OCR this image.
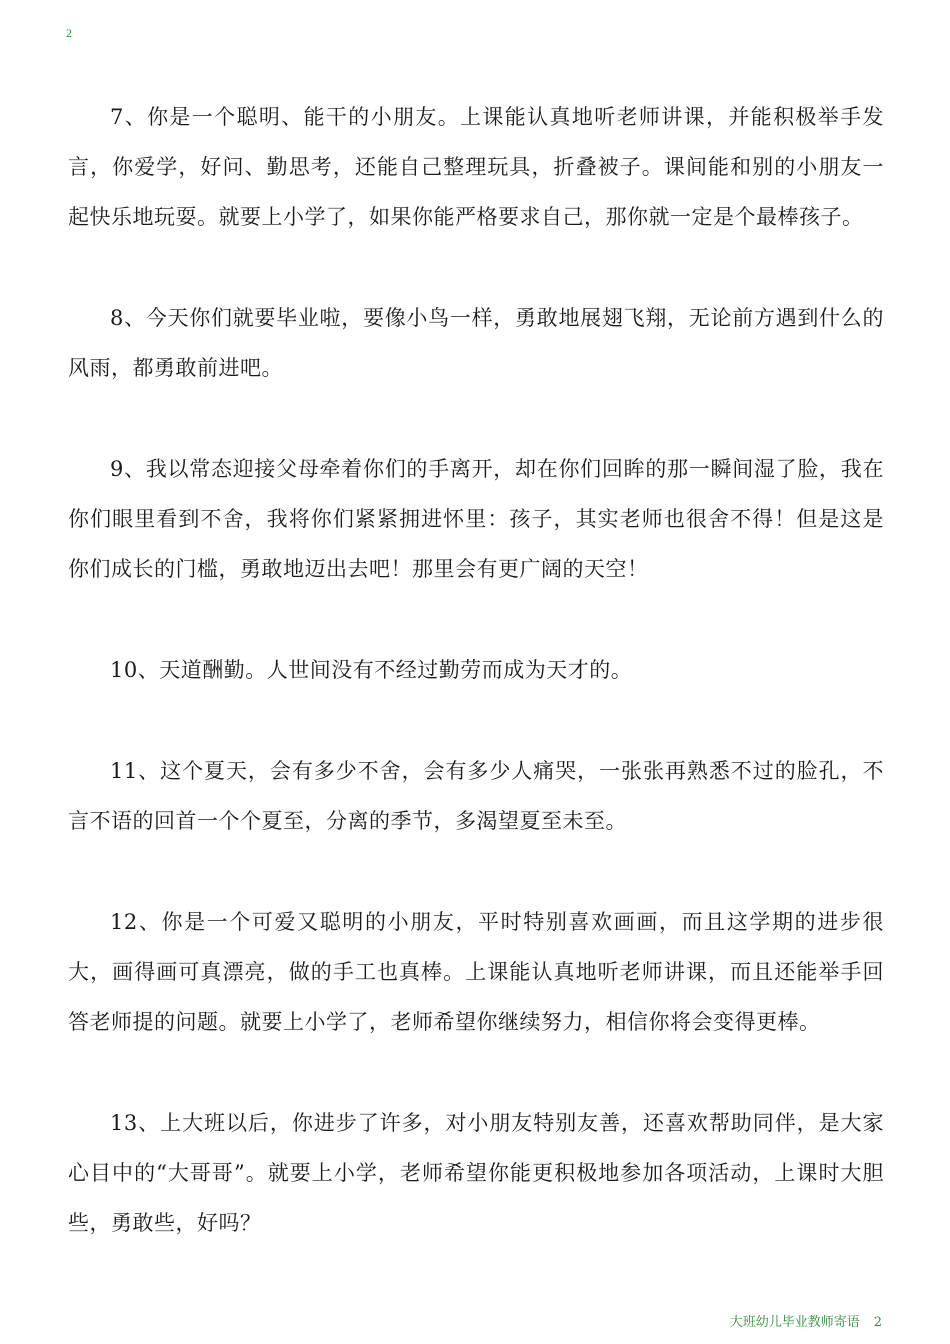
2

7、你是一个聪明、能干的小朋友。上课能认真地听老师讲课，并能积极举手发言，你爱学，好问、勤思考，还能自己整理玩具，折叠被子。课间能和别的小朋友一起快乐地玩耍。就要上小学了，如果你能严格要求自己，那你就一定是个最棒孩子。

8、今天你们就要毕业啦，要像小鸟一样，勇敢地展翅飞翔，无论前方遇到什么的风雨，都勇敢前进吧。

9、我以常态迎接父母牵着你们的手离开，却在你们回眸的那一瞬间湿了脸，我在你们眼里看到不舍，我将你们紧紧拥进怀里：孩子，其实老师也很舍不得！但是这是你们成长的门槛，勇敢地迈出去吧！那里会有更广阔的天空！

10、天道酬勤。人世间没有不经过勤劳而成为天才的。

11、这个夏天，会有多少不舍，会有多少人痛哭，一张张再熟悉不过的脸孔，不言不语的回首一个个夏至，分离的季节，多渴望夏至未至。

12、你是一个可爱又聪明的小朋友，平时特别喜欢画画，而且这学期的进步很大，画得画可真漂亮，做的手工也真棒。上课能认真地听老师讲课，而且还能举手回答老师提的问题。就要上小学了，老师希望你继续努力，相信你将会变得更棒。

13、上大班以后，你进步了许多，对小朋友特别友善，还喜欢帮助同伴，是大家心目中的“大哥哥”。就要上小学，老师希望你能更积极地参加各项活动，上课时大胆些，勇敢些，好吗？

大班幼儿毕业教师寄语 2
